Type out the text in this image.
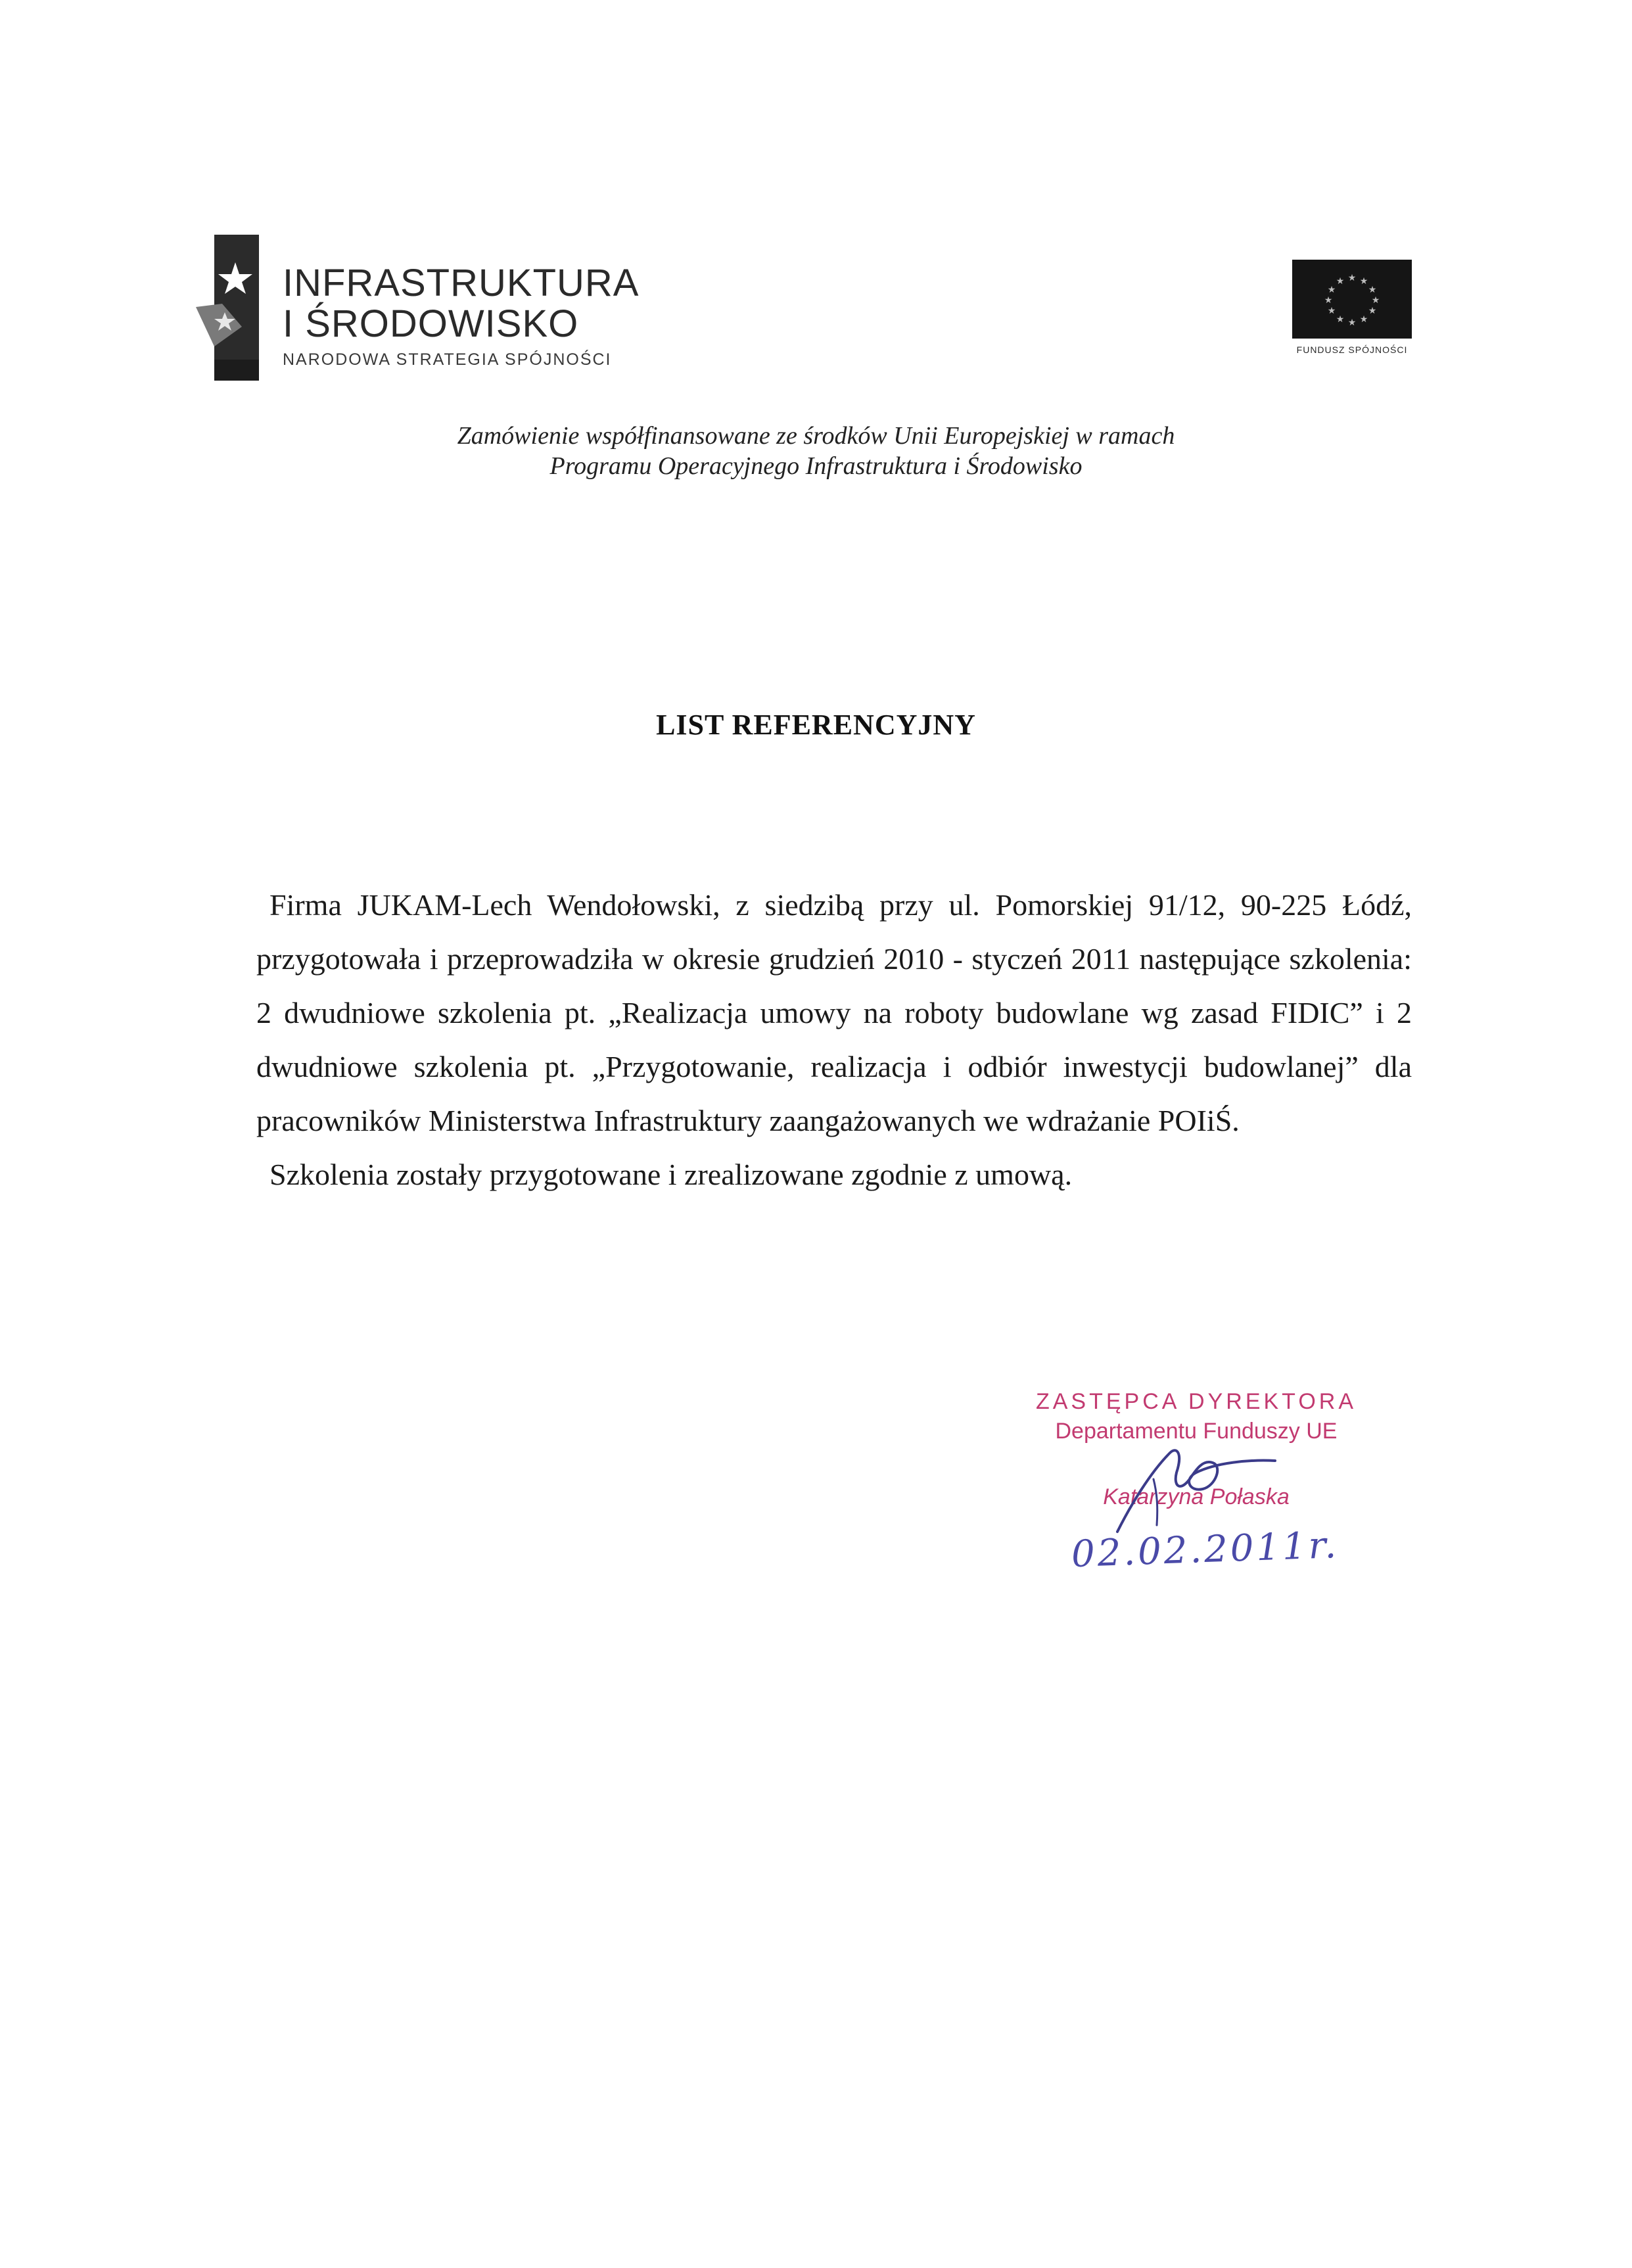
INFRASTRUKTURA
I ŚRODOWISKO
NARODOWA STRATEGIA SPÓJNOŚCI
★ ★
★
★
★
★
★
★
★
★
★
★
FUNDUSZ SPÓJNOŚCI
Zamówienie współfinansowane ze środków Unii Europejskiej w ramach
Programu Operacyjnego Infrastruktura i Środowisko
LIST REFERENCYJNY

Firma JUKAM-Lech Wendołowski, z siedzibą przy ul. Pomorskiej 91/12, 90-225 Łódź, przygotowała i przeprowadziła w okresie grudzień 2010 - styczeń 2011 następujące szkolenia: 2 dwudniowe szkolenia pt. „Realizacja umowy na roboty budowlane wg zasad FIDIC” i 2 dwudniowe szkolenia pt. „Przygotowanie, realizacja i odbiór inwestycji budowlanej” dla pracowników Ministerstwa Infrastruktury zaangażowanych we wdrażanie POIiŚ.

Szkolenia zostały przygotowane i zrealizowane zgodnie z umową.

ZASTĘPCA DYREKTORA
Departamentu Funduszy UE
Katarzyna Połaska
02.02.2011r.
